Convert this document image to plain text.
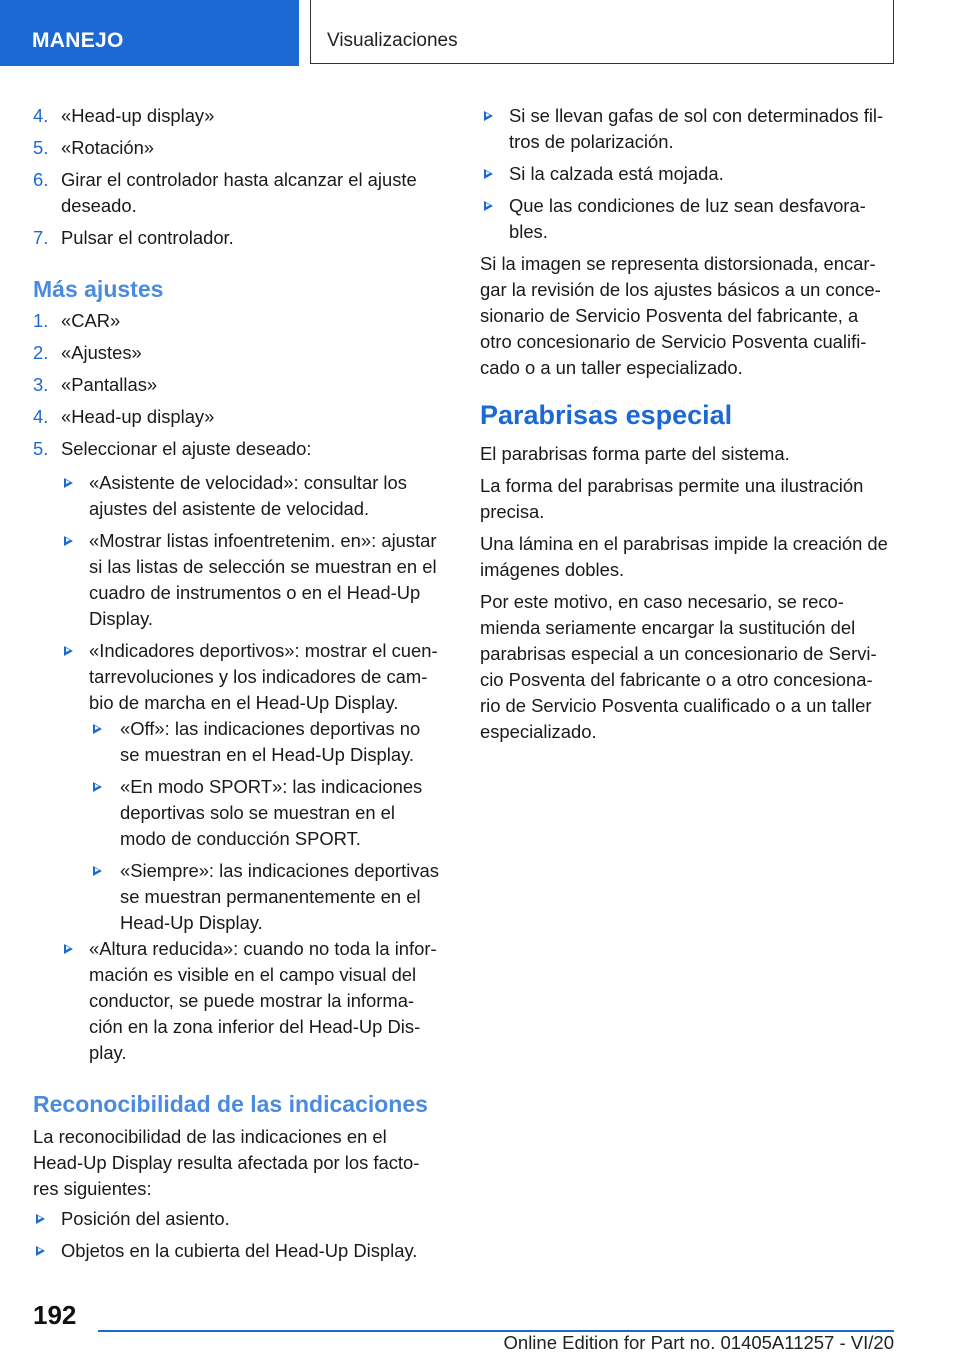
MANEJO	Visualizaciones
4. «Head-up display»
5. «Rotación»
6. Girar el controlador hasta alcanzar el ajuste
deseado.
7. Pulsar el controlador.
Más ajustes
1. «CAR»
2. «Ajustes»
3. «Pantallas»
4. «Head-up display»
5. Seleccionar el ajuste deseado:
«Asistente de velocidad»: consultar los
ajustes del asistente de velocidad.
«Mostrar listas infoentretenim. en»: ajustar
si las listas de selección se muestran en el
cuadro de instrumentos o en el Head-Up
Display.
«Indicadores deportivos»: mostrar el cuen-
tarrevoluciones y los indicadores de cam-
bio de marcha en el Head-Up Display.
«Off»: las indicaciones deportivas no
se muestran en el Head-Up Display.
«En modo SPORT»: las indicaciones
deportivas solo se muestran en el
modo de conducción SPORT.
«Siempre»: las indicaciones deportivas
se muestran permanentemente en el
Head-Up Display.
«Altura reducida»: cuando no toda la infor-
mación es visible en el campo visual del
conductor, se puede mostrar la informa-
ción en la zona inferior del Head-Up Dis-
play.
Reconocibilidad de las indicaciones
La reconocibilidad de las indicaciones en el
Head-Up Display resulta afectada por los facto-
res siguientes:
Posición del asiento.
Objetos en la cubierta del Head-Up Display.
Si se llevan gafas de sol con determinados fil-
tros de polarización.
Si la calzada está mojada.
Que las condiciones de luz sean desfavora-
bles.
Si la imagen se representa distorsionada, encar-
gar la revisión de los ajustes básicos a un conce-
sionario de Servicio Posventa del fabricante, a
otro concesionario de Servicio Posventa cualifi-
cado o a un taller especializado.
Parabrisas especial
El parabrisas forma parte del sistema.
La forma del parabrisas permite una ilustración
precisa.
Una lámina en el parabrisas impide la creación de
imágenes dobles.
Por este motivo, en caso necesario, se reco-
mienda seriamente encargar la sustitución del
parabrisas especial a un concesionario de Servi-
cio Posventa del fabricante o a otro concesiona-
rio de Servicio Posventa cualificado o a un taller
especializado.
192
Online Edition for Part no. 01405A11257 - VI/20
